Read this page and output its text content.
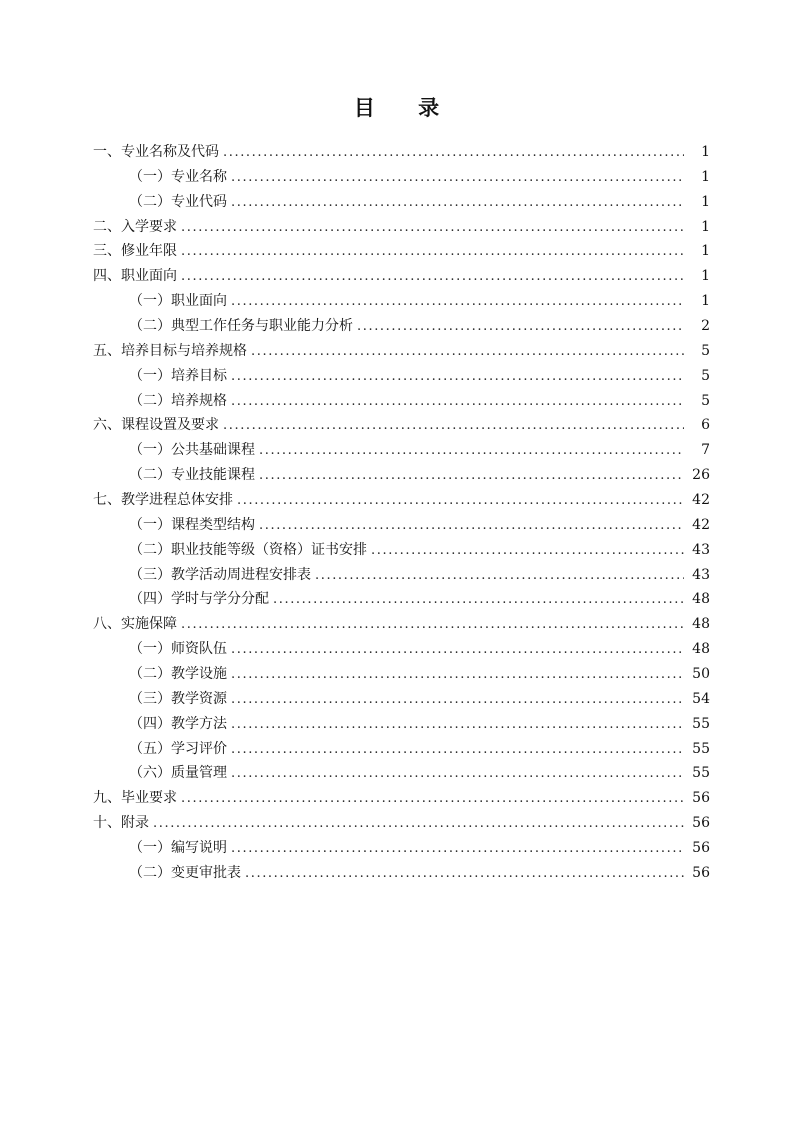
目 录
一、专业名称及代码 .....	1
（一）专业名称 .....	1
（二）专业代码 .....	1
二、入学要求 .....	1
三、修业年限 .....	1
四、职业面向 .....	1
（一）职业面向 .....	1
（二）典型工作任务与职业能力分析 .....	2
五、培养目标与培养规格 .....	5
（一）培养目标 .....	5
（二）培养规格 .....	5
六、课程设置及要求 .....	6
（一）公共基础课程 .....	7
（二）专业技能课程 .....	26
七、教学进程总体安排 .....	42
（一）课程类型结构 .....	42
（二）职业技能等级（资格）证书安排 .....	43
（三）教学活动周进程安排表 .....	43
（四）学时与学分分配 .....	48
八、实施保障 .....	48
（一）师资队伍 .....	48
（二）教学设施 .....	50
（三）教学资源 .....	54
（四）教学方法 .....	55
（五）学习评价 .....	55
（六）质量管理 .....	55
九、毕业要求 .....	56
十、附录 .....	56
（一）编写说明 .....	56
（二）变更审批表 .....	56
